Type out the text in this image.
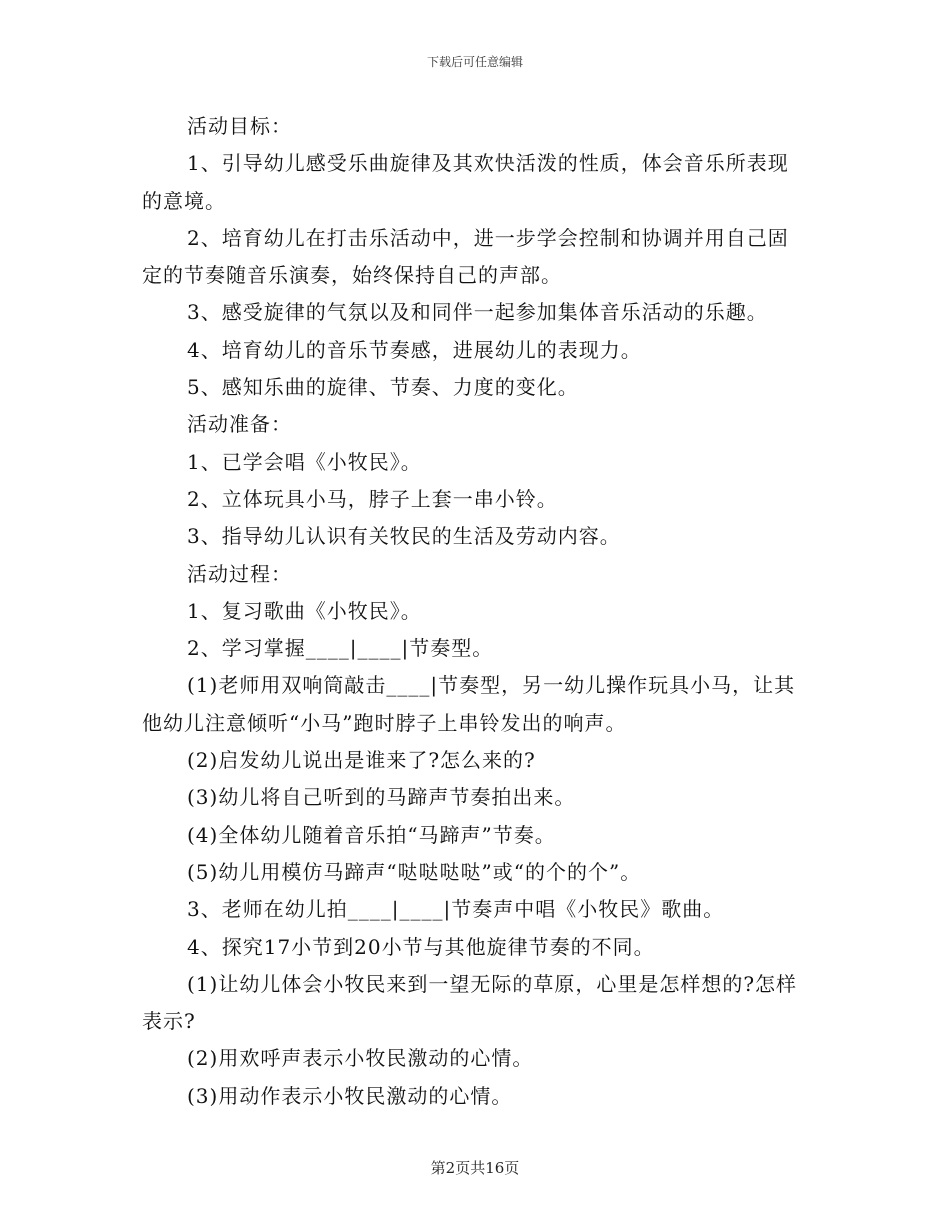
下载后可任意编辑

活动目标：

1、引导幼儿感受乐曲旋律及其欢快活泼的性质，体会音乐所表现的意境。

2、培育幼儿在打击乐活动中，进一步学会控制和协调并用自己固定的节奏随音乐演奏，始终保持自己的声部。

3、感受旋律的气氛以及和同伴一起参加集体音乐活动的乐趣。

4、培育幼儿的音乐节奏感，进展幼儿的表现力。

5、感知乐曲的旋律、节奏、力度的变化。

活动准备：

1、已学会唱《小牧民》。

2、立体玩具小马，脖子上套一串小铃。

3、指导幼儿认识有关牧民的生活及劳动内容。

活动过程：

1、复习歌曲《小牧民》。

2、学习掌握____|____|节奏型。

(1)老师用双响筒敲击____|节奏型，另一幼儿操作玩具小马，让其他幼儿注意倾听“小马”跑时脖子上串铃发出的响声。

(2)启发幼儿说出是谁来了?怎么来的?

(3)幼儿将自己听到的马蹄声节奏拍出来。

(4)全体幼儿随着音乐拍“马蹄声”节奏。

(5)幼儿用模仿马蹄声“哒哒哒哒”或“的个的个”。

3、老师在幼儿拍____|____|节奏声中唱《小牧民》歌曲。

4、探究17小节到20小节与其他旋律节奏的不同。

(1)让幼儿体会小牧民来到一望无际的草原，心里是怎样想的?怎样表示?

(2)用欢呼声表示小牧民激动的心情。

(3)用动作表示小牧民激动的心情。

第2页共16页
